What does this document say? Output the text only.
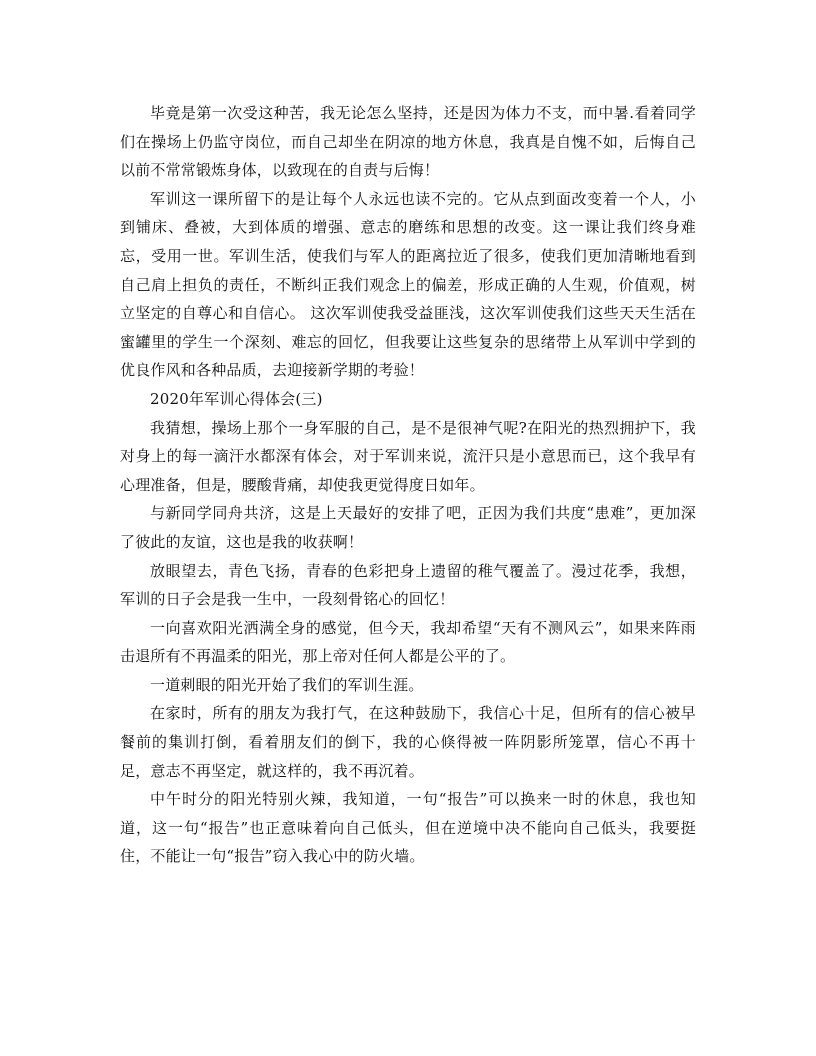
毕竟是第一次受这种苦，我无论怎么坚持，还是因为体力不支，而中暑.看着同学们在操场上仍监守岗位，而自己却坐在阴凉的地方休息，我真是自愧不如，后悔自己以前不常常锻炼身体，以致现在的自责与后悔！

军训这一课所留下的是让每个人永远也读不完的。它从点到面改变着一个人，小到铺床、叠被，大到体质的增强、意志的磨练和思想的改变。这一课让我们终身难忘，受用一世。军训生活，使我们与军人的距离拉近了很多，使我们更加清晰地看到自己肩上担负的责任，不断纠正我们观念上的偏差，形成正确的人生观，价值观，树立坚定的自尊心和自信心。 这次军训使我受益匪浅，这次军训使我们这些天天生活在蜜罐里的学生一个深刻、难忘的回忆，但我要让这些复杂的思绪带上从军训中学到的优良作风和各种品质，去迎接新学期的考验！

2020年军训心得体会(三)

我猜想，操场上那个一身军服的自己，是不是很神气呢?在阳光的热烈拥护下，我对身上的每一滴汗水都深有体会，对于军训来说，流汗只是小意思而已，这个我早有心理准备，但是，腰酸背痛，却使我更觉得度日如年。

与新同学同舟共济，这是上天最好的安排了吧，正因为我们共度“患难”，更加深了彼此的友谊，这也是我的收获啊！

放眼望去，青色飞扬，青春的色彩把身上遗留的稚气覆盖了。漫过花季，我想，军训的日子会是我一生中，一段刻骨铭心的回忆！

一向喜欢阳光洒满全身的感觉，但今天，我却希望“天有不测风云”，如果来阵雨击退所有不再温柔的阳光，那上帝对任何人都是公平的了。

一道刺眼的阳光开始了我们的军训生涯。

在家时，所有的朋友为我打气，在这种鼓励下，我信心十足，但所有的信心被早餐前的集训打倒，看着朋友们的倒下，我的心倏得被一阵阴影所笼罩，信心不再十足，意志不再坚定，就这样的，我不再沉着。

中午时分的阳光特别火辣，我知道，一句“报告”可以换来一时的休息，我也知道，这一句“报告”也正意味着向自己低头，但在逆境中决不能向自己低头，我要挺住，不能让一句“报告”窃入我心中的防火墙。
